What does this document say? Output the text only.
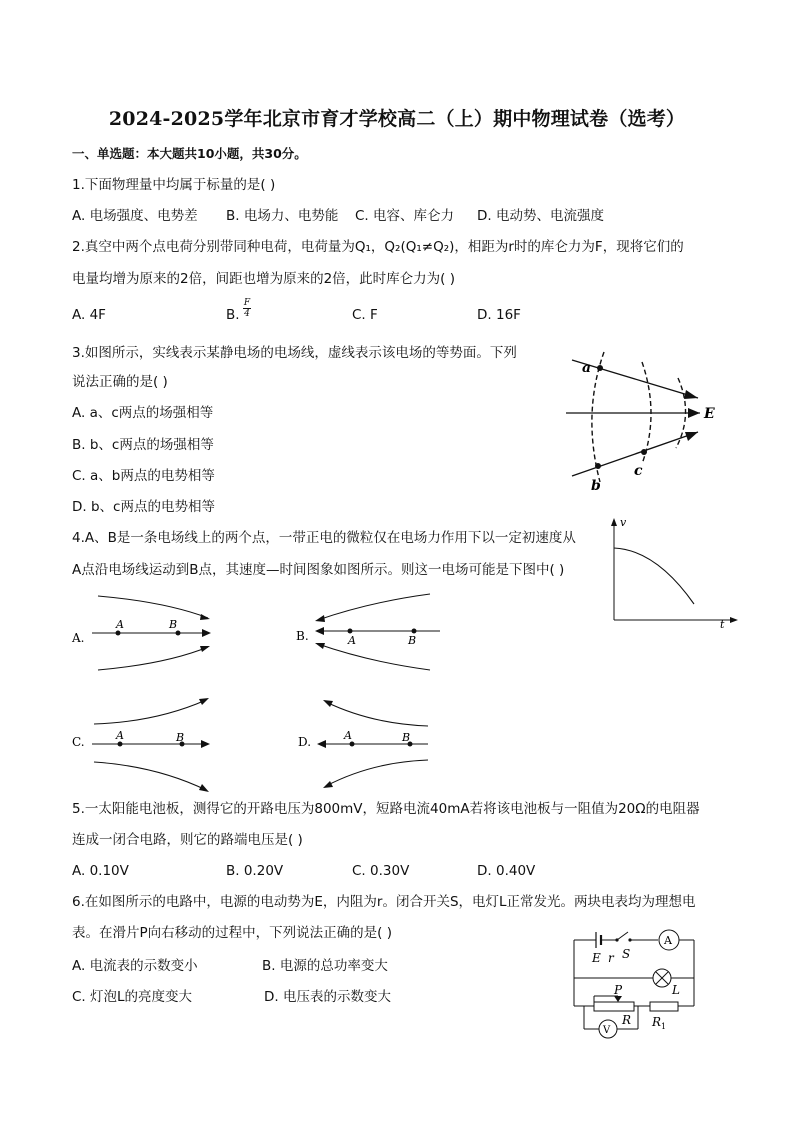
2024-2025学年北京市育才学校高二（上）期中物理试卷（选考）
一、单选题：本大题共10小题，共30分。
1.下面物理量中均属于标量的是( )
A. 电场强度、电势差 B. 电场力、电势能 C. 电容、库仑力 D. 电动势、电流强度
2.真空中两个点电荷分别带同种电荷，电荷量为Q₁，Q₂(Q₁≠Q₂)，相距为r时的库仑力为F，现将它们的
电量均增为原来的2倍，间距也增为原来的2倍，此时库仑力为( )
A. 4F	B. $\frac{F}{4}$	C. F	D. 16F
3.如图所示，实线表示某静电场的电场线，虚线表示该电场的等势面。下列
说法正确的是( )
A. a、c两点的场强相等
B. b、c两点的场强相等
C. a、b两点的电势相等
D. b、c两点的电势相等
a
b
c
E
4.A、B是一条电场线上的两个点，一带正电的微粒仅在电场力作用下以一定初速度从
A点沿电场线运动到B点，其速度—时间图象如图所示。则这一电场可能是下图中( )
v
t
A.
A	B
B.	A	B
C.	A	B	D.	A	B
5.一太阳能电池板，测得它的开路电压为800mV，短路电流40mA若将该电池板与一阻值为20Ω的电阻器
连成一闭合电路，则它的路端电压是( )
A. 0.10V	B. 0.20V	C. 0.30V	D. 0.40V
6.在如图所示的电路中，电源的电动势为E，内阻为r。闭合开关S，电灯L正常发光。两块电表均为理想电
表。在滑片P向右移动的过程中，下列说法正确的是( )
A. 电流表的示数变小	B. 电源的总功率变大
C. 灯泡L的亮度变大	D. 电压表的示数变大
A
E r S
L
P
R 1
R
V
